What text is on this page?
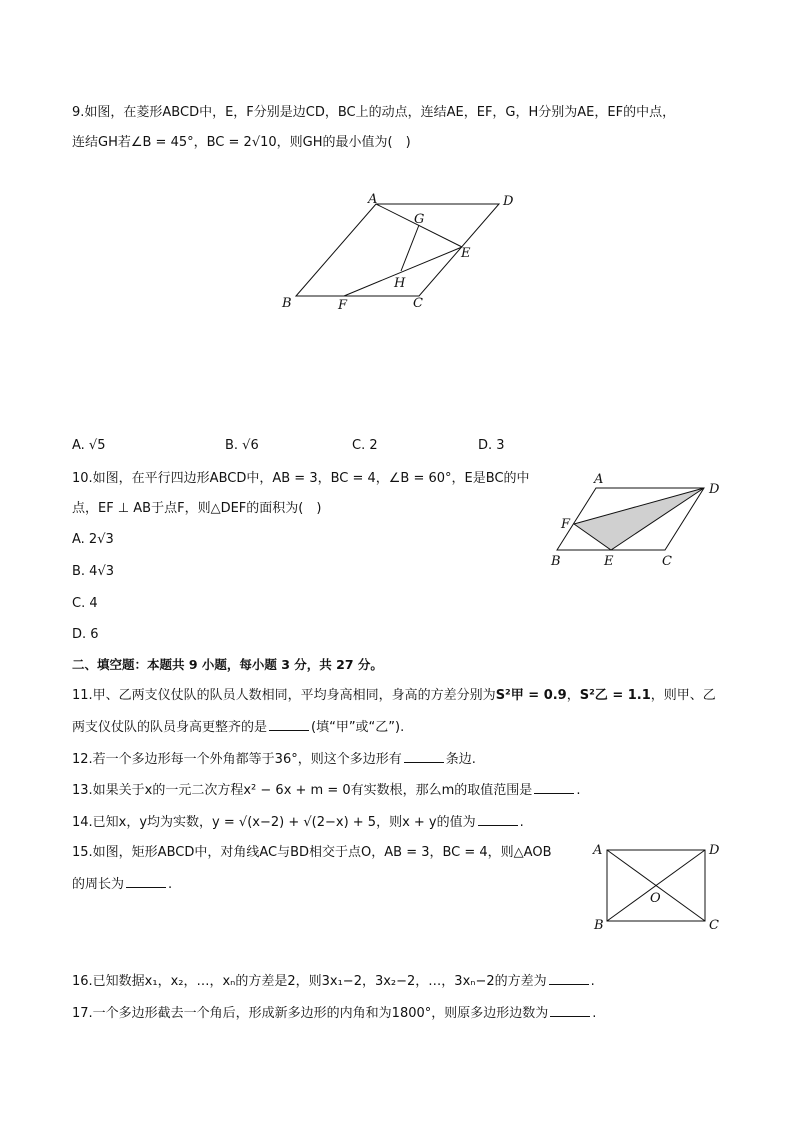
9.如图，在菱形ABCD中，E，F分别是边CD，BC上的动点，连结AE，EF，G，H分别为AE，EF的中点，
连结GH若∠B = 45°，BC = 2√10，则GH的最小值为(　)
A	D
B	C
E
F
G
H
A. √5	B. √6	C. 2	D. 3
10.如图，在平行四边形ABCD中，AB = 3，BC = 4，∠B = 60°，E是BC的中
点，EF ⊥ AB于点F，则△DEF的面积为(　)
A. 2√3
B. 4√3
C. 4
D. 6
A
D
F
B	E	C
二、填空题：本题共 9 小题，每小题 3 分，共 27 分。
11.甲、乙两支仪仗队的队员人数相同，平均身高相同，身高的方差分别为S²甲 = 0.9，S²乙 = 1.1，则甲、乙
两支仪仗队的队员身高更整齐的是	(填“甲”或“乙”).
12.若一个多边形每一个外角都等于36°，则这个多边形有	条边.
13.如果关于x的一元二次方程x² − 6x + m = 0有实数根，那么m的取值范围是	.
14.已知x，y均为实数，y = √(x−2) + √(2−x) + 5，则x + y的值为	.
15.如图，矩形ABCD中，对角线AC与BD相交于点O，AB = 3，BC = 4，则△AOB
的周长为	.
A	D
B	C
O
16.已知数据x₁，x₂，…，xₙ的方差是2，则3x₁−2，3x₂−2，…，3xₙ−2的方差为	.
17.一个多边形截去一个角后，形成新多边形的内角和为1800°，则原多边形边数为	.
